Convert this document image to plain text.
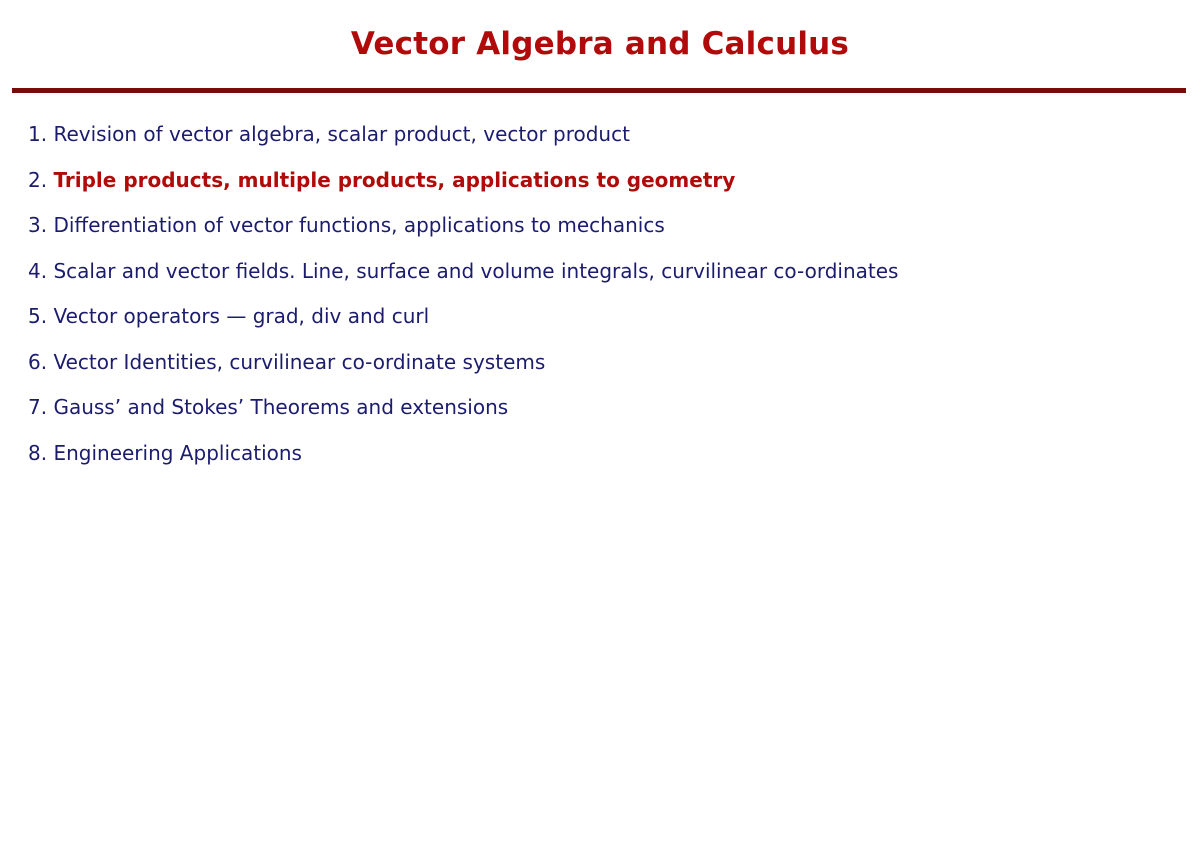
Vector Algebra and Calculus
1. Revision of vector algebra, scalar product, vector product
2. Triple products, multiple products, applications to geometry
3. Differentiation of vector functions, applications to mechanics
4. Scalar and vector fields. Line, surface and volume integrals, curvilinear co-ordinates
5. Vector operators — grad, div and curl
6. Vector Identities, curvilinear co-ordinate systems
7. Gauss’ and Stokes’ Theorems and extensions
8. Engineering Applications
